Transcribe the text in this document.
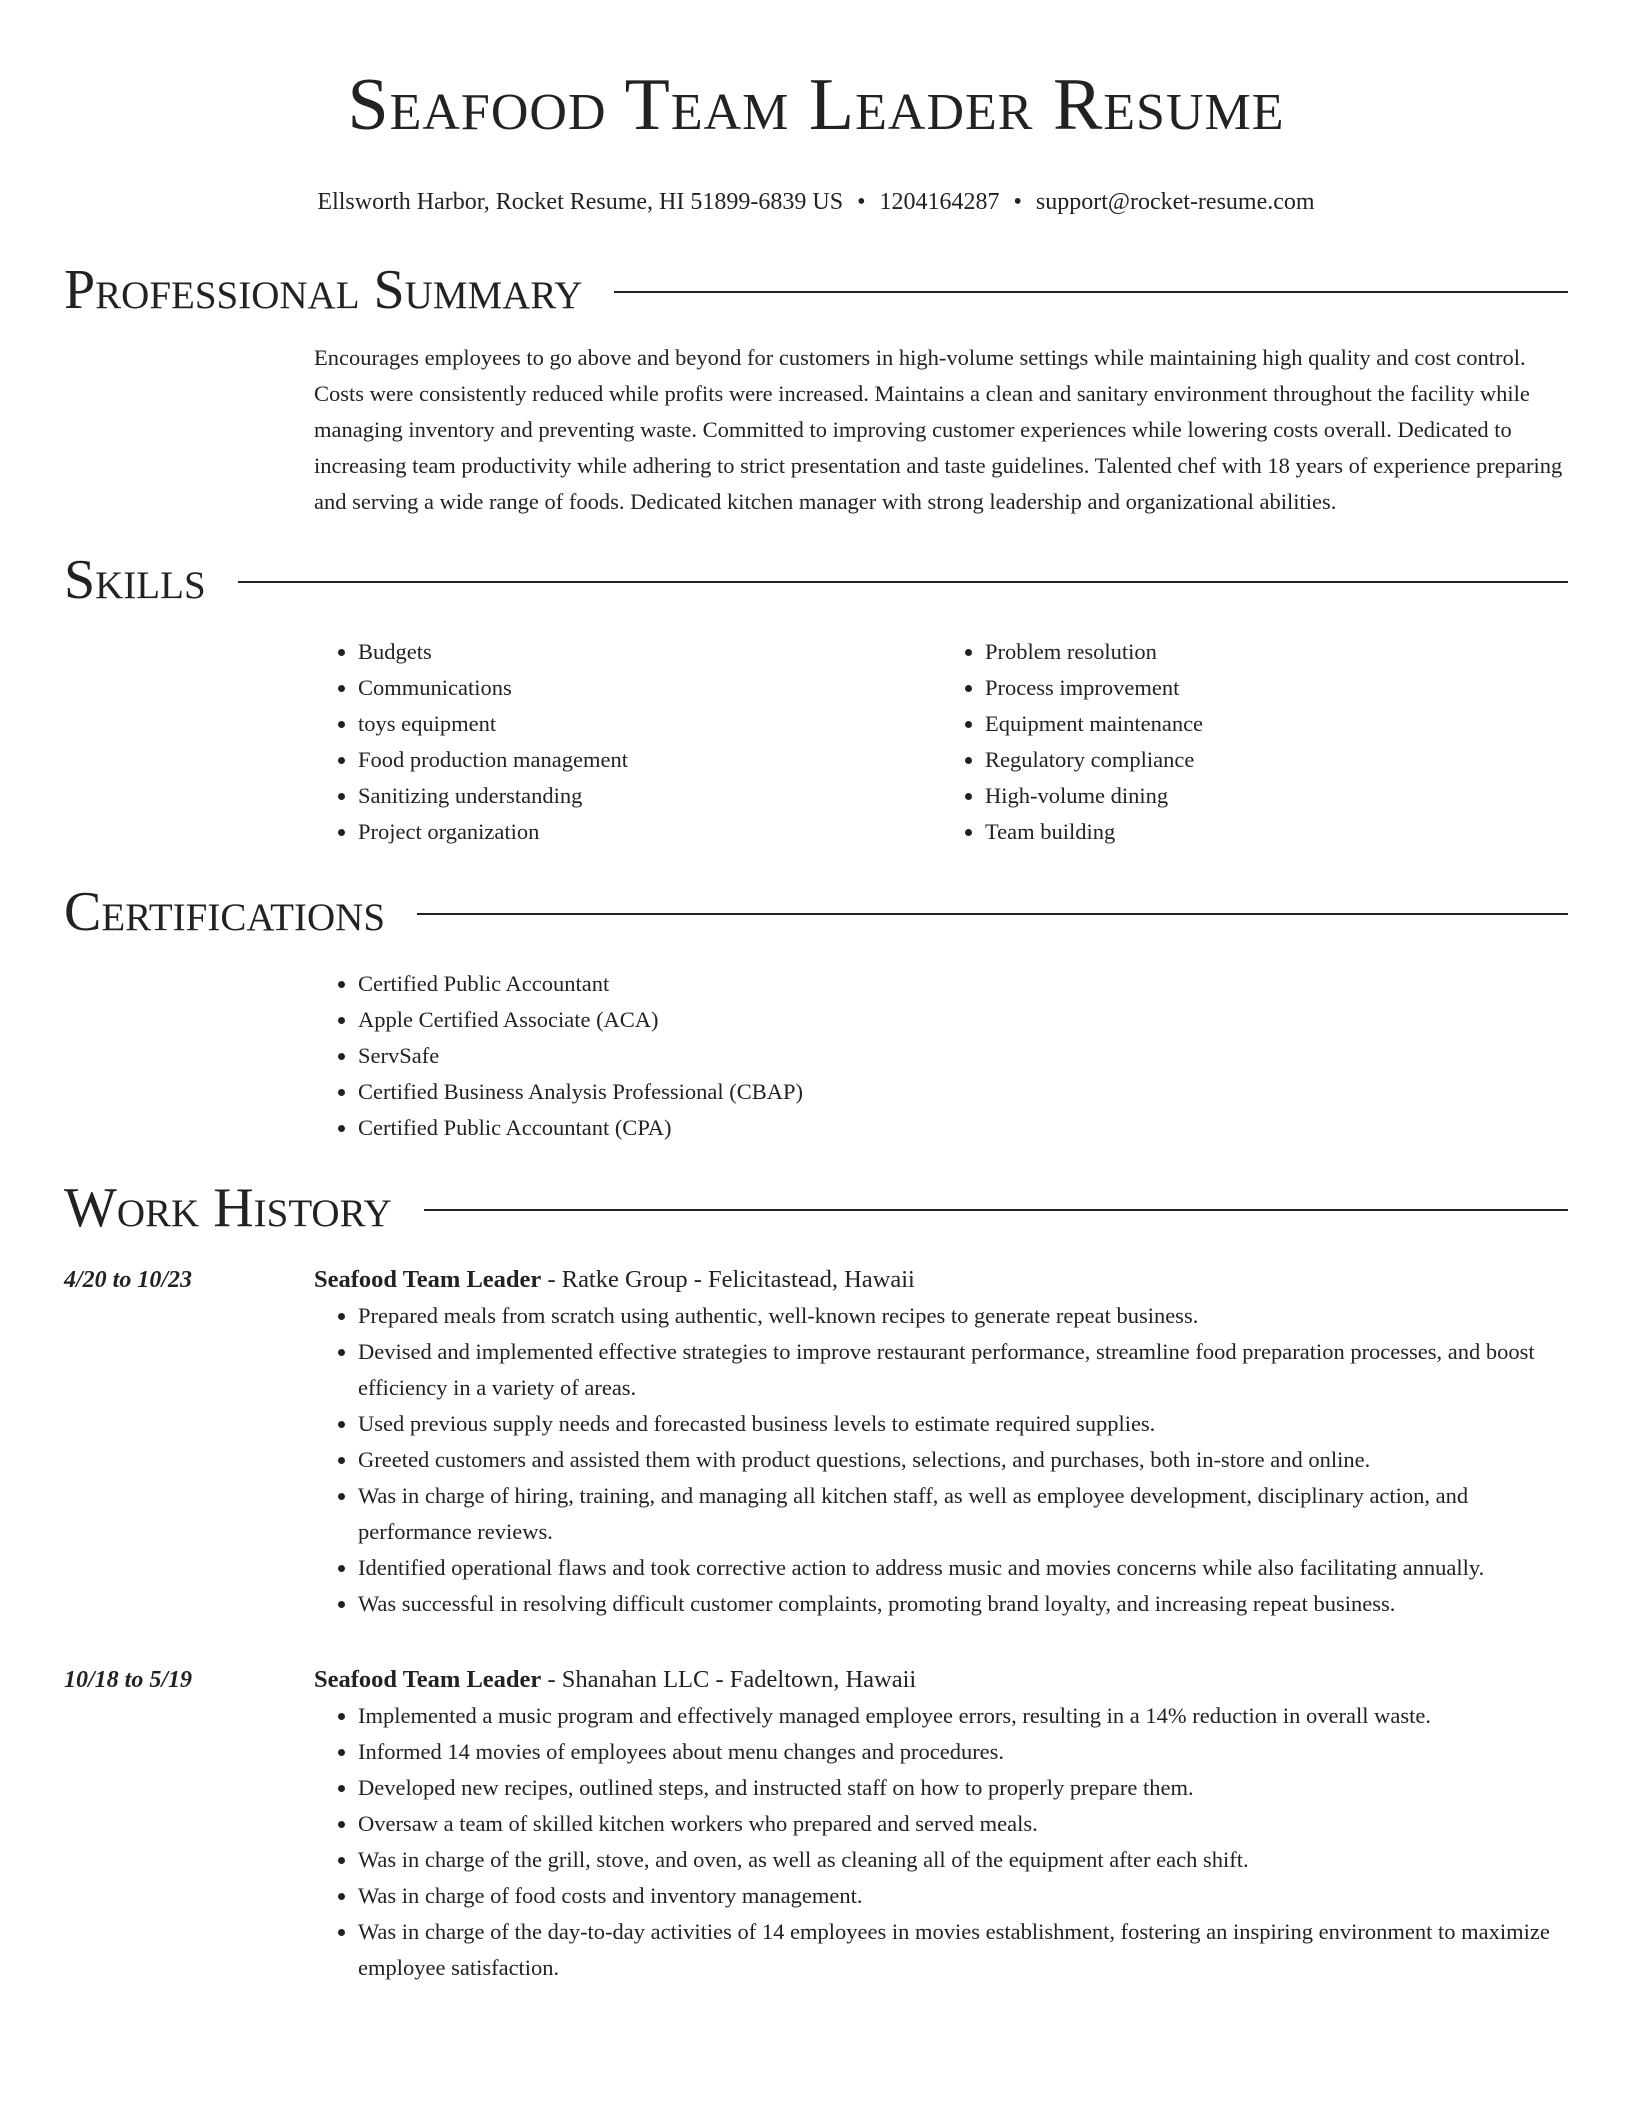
Seafood Team Leader Resume
Ellsworth Harbor, Rocket Resume, HI 51899-6839 US • 1204164287 • support@rocket-resume.com
Professional Summary
Encourages employees to go above and beyond for customers in high-volume settings while maintaining high quality and cost control. Costs were consistently reduced while profits were increased. Maintains a clean and sanitary environment throughout the facility while managing inventory and preventing waste. Committed to improving customer experiences while lowering costs overall. Dedicated to increasing team productivity while adhering to strict presentation and taste guidelines. Talented chef with 18 years of experience preparing and serving a wide range of foods. Dedicated kitchen manager with strong leadership and organizational abilities.
Skills
• Budgets
• Communications
• toys equipment
• Food production management
• Sanitizing understanding
• Project organization
• Problem resolution
• Process improvement
• Equipment maintenance
• Regulatory compliance
• High-volume dining
• Team building
Certifications
• Certified Public Accountant
• Apple Certified Associate (ACA)
• ServSafe
• Certified Business Analysis Professional (CBAP)
• Certified Public Accountant (CPA)
Work History
4/20 to 10/23	Seafood Team Leader - Ratke Group - Felicitastead, Hawaii
• Prepared meals from scratch using authentic, well-known recipes to generate repeat business.
• Devised and implemented effective strategies to improve restaurant performance, streamline food preparation processes, and boost efficiency in a variety of areas.
• Used previous supply needs and forecasted business levels to estimate required supplies.
• Greeted customers and assisted them with product questions, selections, and purchases, both in-store and online.
• Was in charge of hiring, training, and managing all kitchen staff, as well as employee development, disciplinary action, and performance reviews.
• Identified operational flaws and took corrective action to address music and movies concerns while also facilitating annually.
• Was successful in resolving difficult customer complaints, promoting brand loyalty, and increasing repeat business.
10/18 to 5/19	Seafood Team Leader - Shanahan LLC - Fadeltown, Hawaii
• Implemented a music program and effectively managed employee errors, resulting in a 14% reduction in overall waste.
• Informed 14 movies of employees about menu changes and procedures.
• Developed new recipes, outlined steps, and instructed staff on how to properly prepare them.
• Oversaw a team of skilled kitchen workers who prepared and served meals.
• Was in charge of the grill, stove, and oven, as well as cleaning all of the equipment after each shift.
• Was in charge of food costs and inventory management.
• Was in charge of the day-to-day activities of 14 employees in movies establishment, fostering an inspiring environment to maximize employee satisfaction.
